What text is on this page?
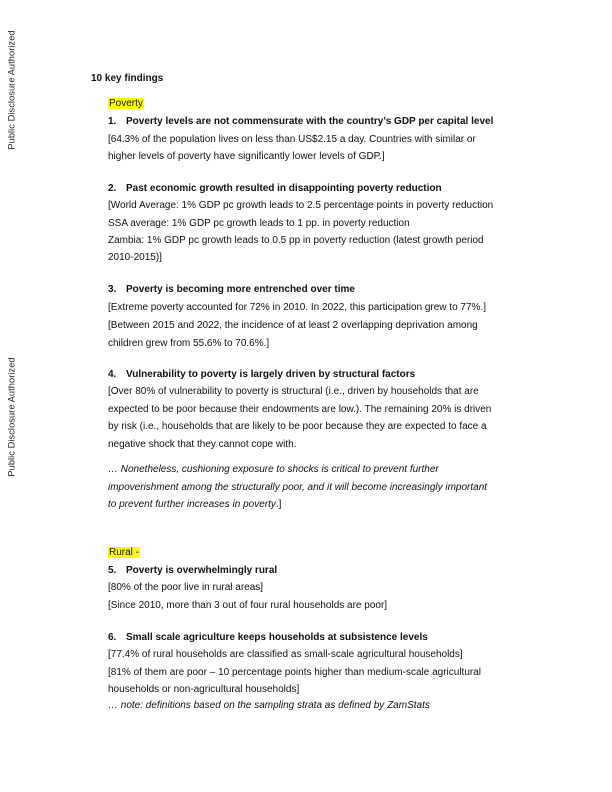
Public Disclosure Authorized
Public Disclosure Authorized
10 key findings
Poverty
1. Poverty levels are not commensurate with the country’s GDP per capital level
[64.3% of the population lives on less than US$2.15 a day. Countries with similar or
higher levels of poverty have significantly lower levels of GDP.]
2. Past economic growth resulted in disappointing poverty reduction
[World Average: 1% GDP pc growth leads to 2.5 percentage points in poverty reduction
SSA average: 1% GDP pc growth leads to 1 pp. in poverty reduction
Zambia: 1% GDP pc growth leads to 0.5 pp in poverty reduction (latest growth period
2010-2015)]
3. Poverty is becoming more entrenched over time
[Extreme poverty accounted for 72% in 2010. In 2022, this participation grew to 77%.]
[Between 2015 and 2022, the incidence of at least 2 overlapping deprivation among
children grew from 55.6% to 70.6%.]
4. Vulnerability to poverty is largely driven by structural factors
[Over 80% of vulnerability to poverty is structural (i.e., driven by households that are
expected to be poor because their endowments are low.). The remaining 20% is driven
by risk (i.e., households that are likely to be poor because they are expected to face a
negative shock that they cannot cope with.
… Nonetheless, cushioning exposure to shocks is critical to prevent further
impoverishment among the structurally poor, and it will become increasingly important
to prevent further increases in poverty.]
Rural -
5. Poverty is overwhelmingly rural
[80% of the poor live in rural areas]
[Since 2010, more than 3 out of four rural households are poor]
6. Small scale agriculture keeps households at subsistence levels
[77.4% of rural households are classified as small-scale agricultural households]
[81% of them are poor – 10 percentage points higher than medium-scale agricultural
households or non-agricultural households]
… note: definitions based on the sampling strata as defined by ZamStats
